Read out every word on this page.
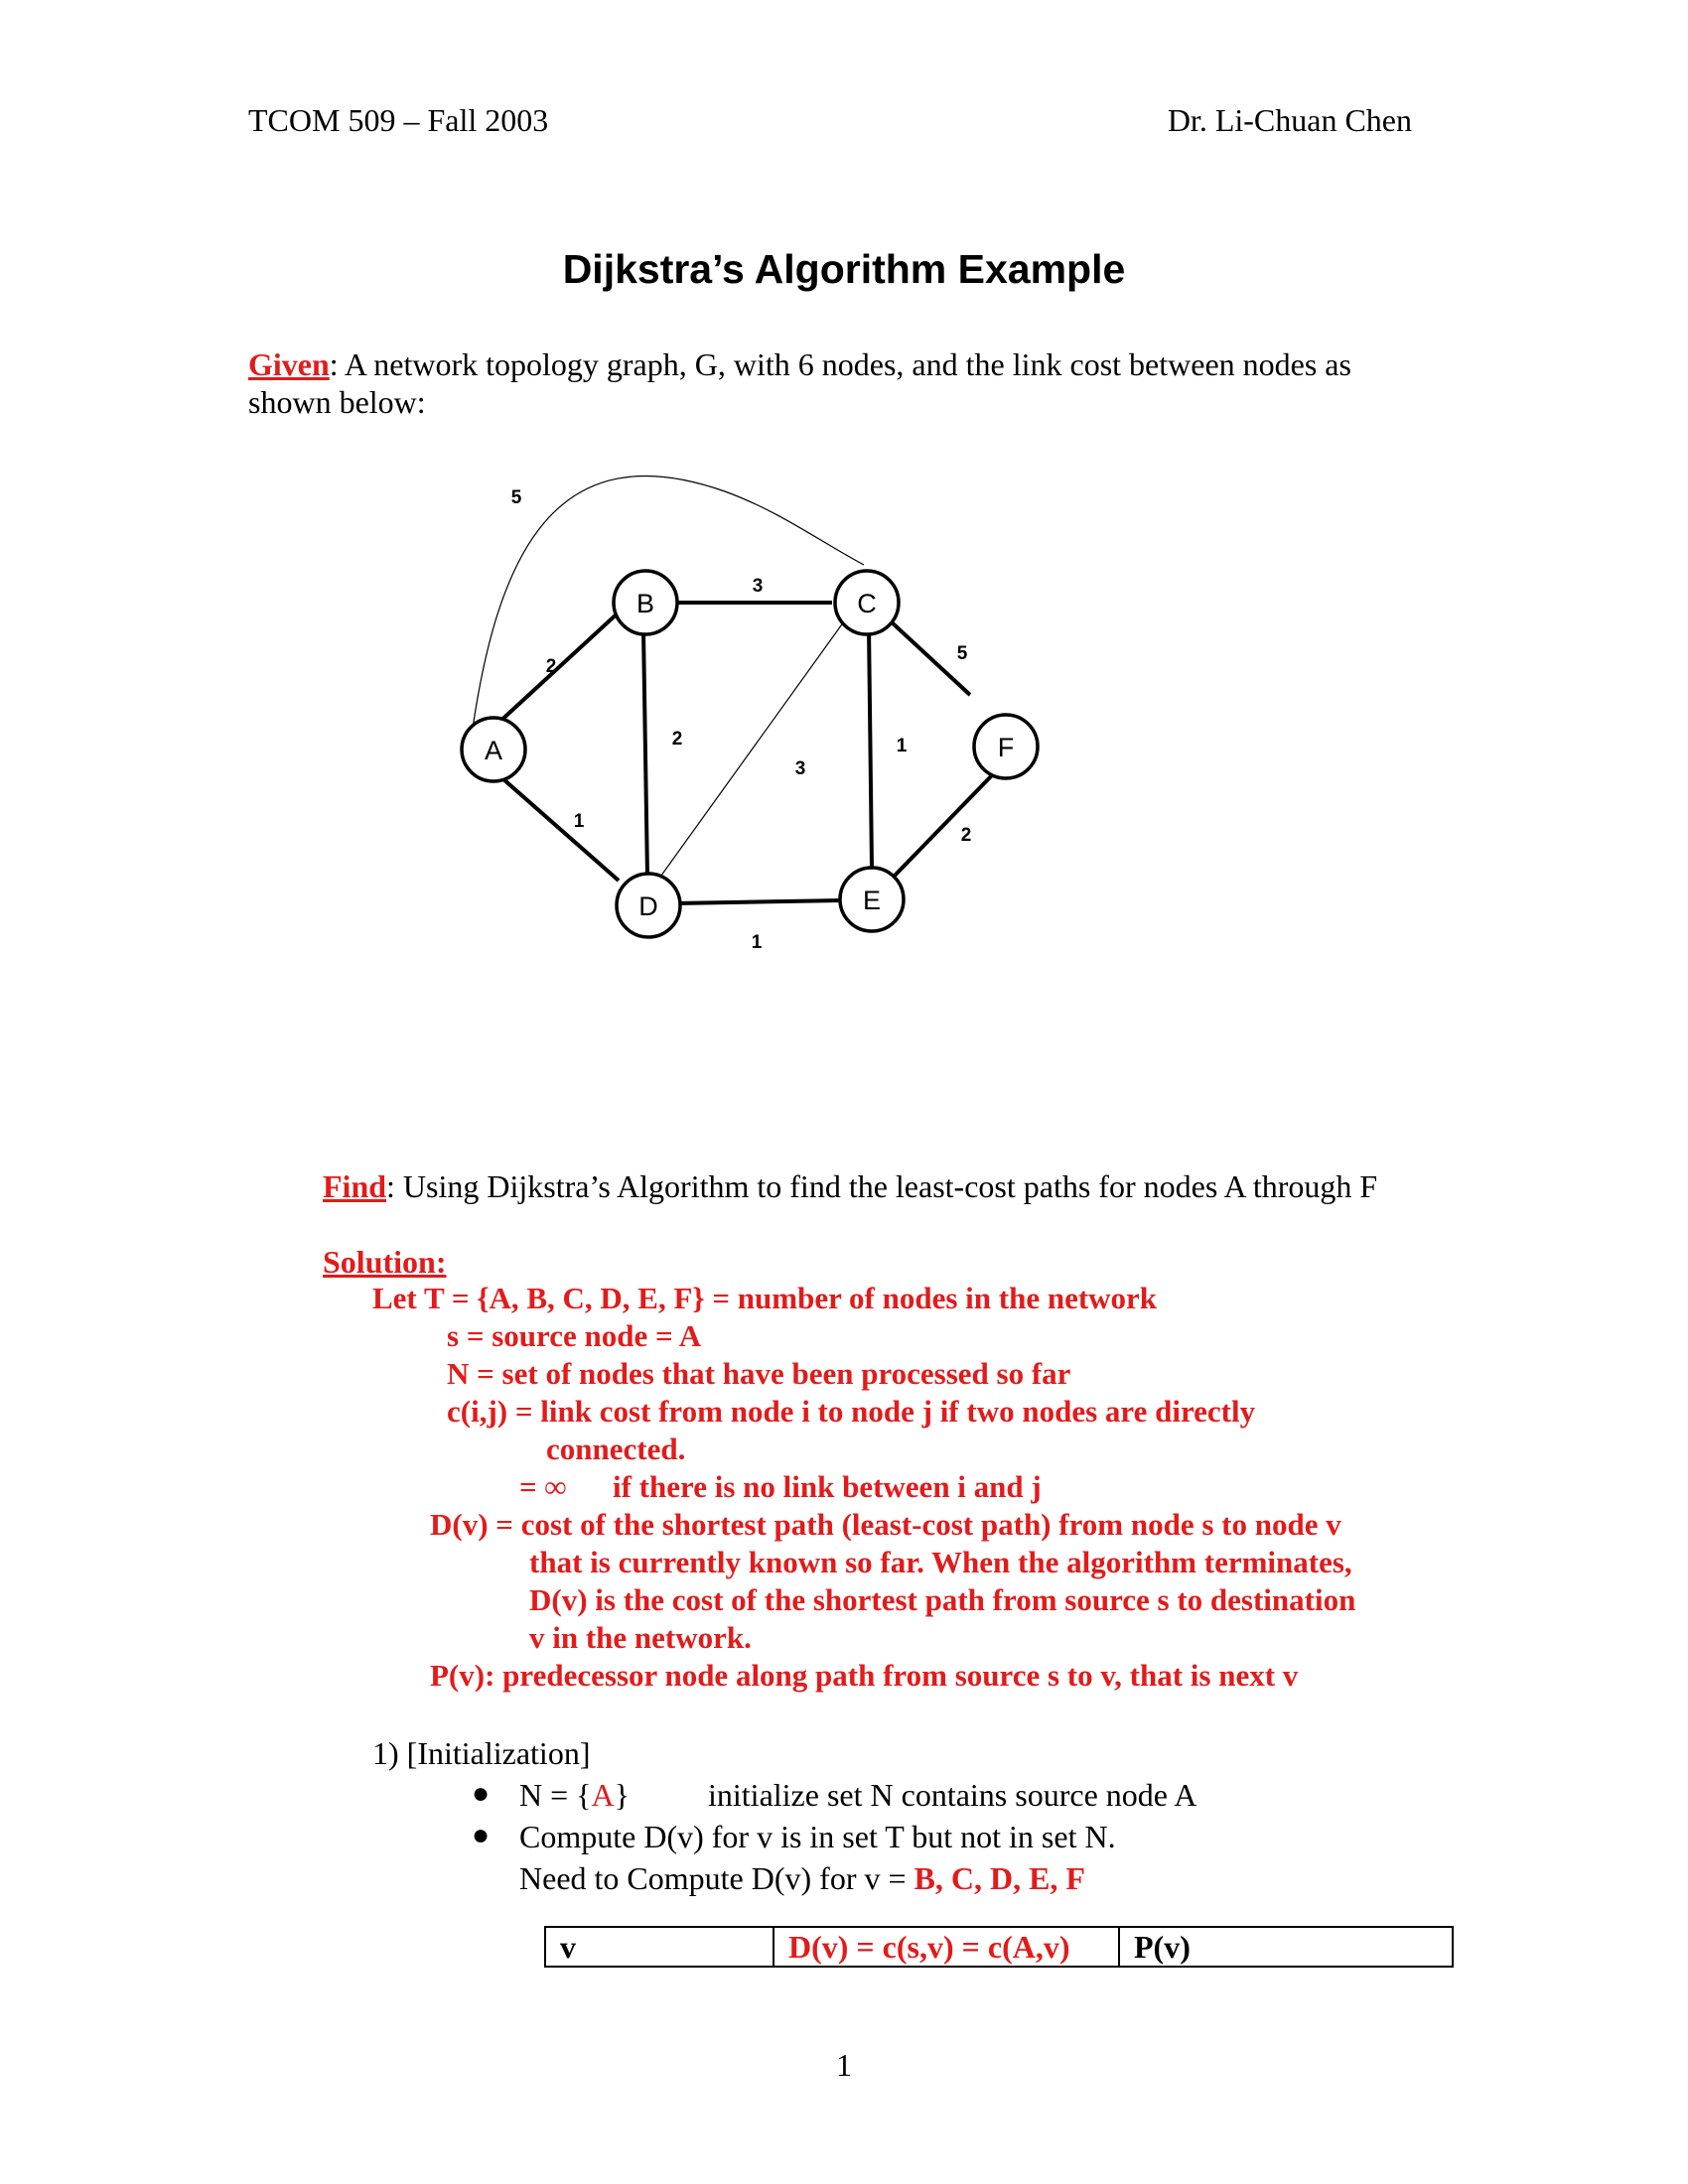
TCOM 509 – Fall 2003	Dr. Li-Chuan Chen
Dijkstra’s Algorithm Example
Given: A network topology graph, G, with 6 nodes, and the link cost between nodes as shown below:
5
2
1
3
2
3
1
5
1
2
A
B	C
D	E
F
Find: Using Dijkstra’s Algorithm to find the least-cost paths for nodes A through F
Solution:
Let T = {A, B, C, D, E, F} = number of nodes in the network
s = source node = A
N = set of nodes that have been processed so far
c(i,j) = link cost from node i to node j if two nodes are directly
connected.
= ∞ if there is no link between i and j
D(v) = cost of the shortest path (least-cost path) from node s to node v
that is currently known so far. When the algorithm terminates,
D(v) is the cost of the shortest path from source s to destination
v in the network.
P(v): predecessor node along path from source s to v, that is next v
1) [Initialization]
● N = {A} initialize set N contains source node A
● Compute D(v) for v is in set T but not in set N.
Need to Compute D(v) for v = B, C, D, E, F
v	D(v) = c(s,v) = c(A,v)	P(v)
1
